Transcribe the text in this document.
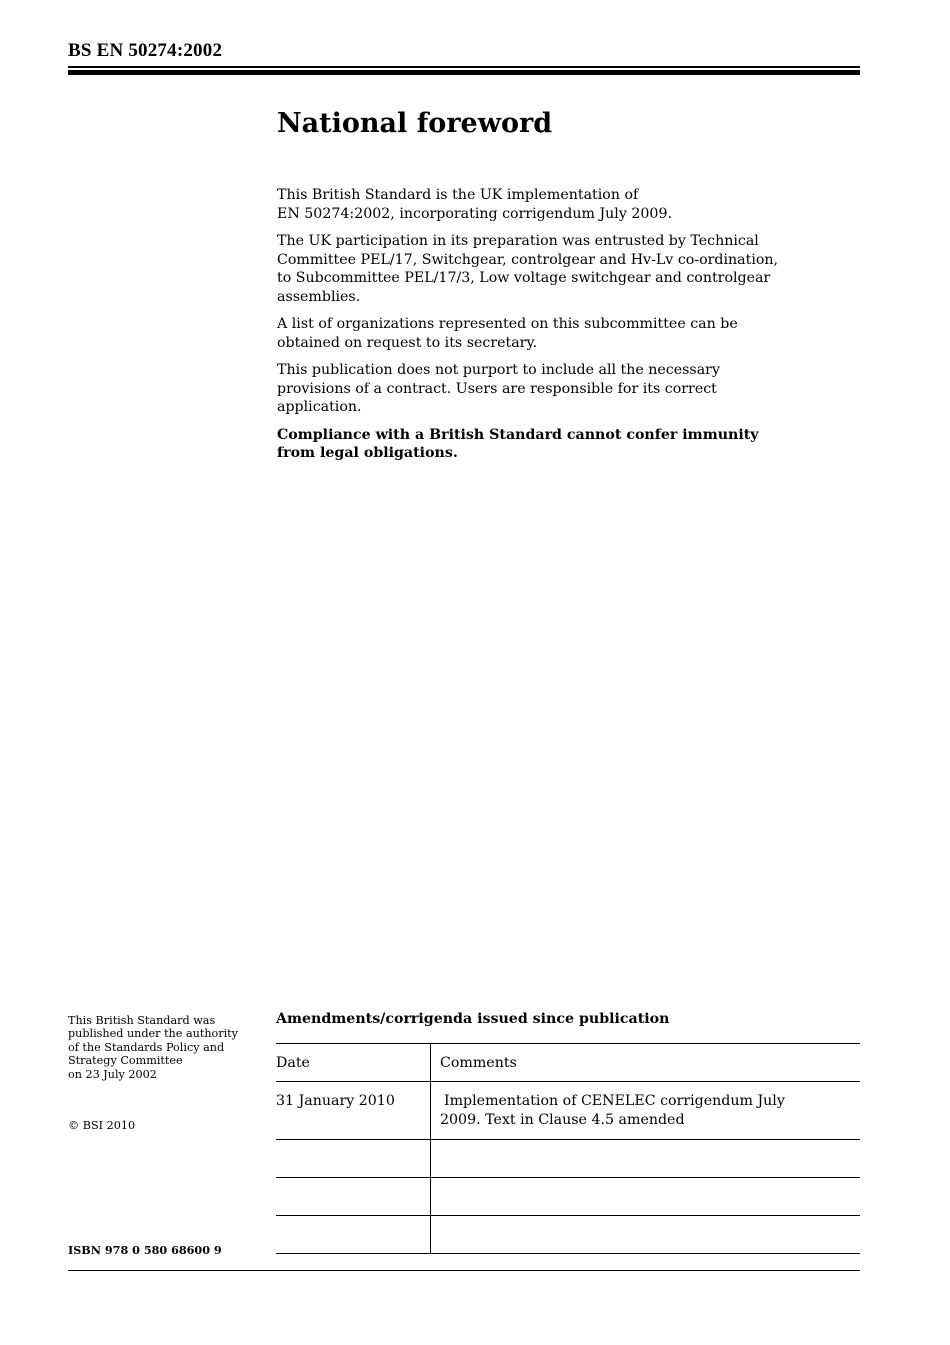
BS EN 50274:2002
National foreword

This British Standard is the UK implementation of
EN 50274:2002, incorporating corrigendum July 2009.

The UK participation in its preparation was entrusted by Technical
Committee PEL/17, Switchgear, controlgear and Hv-Lv co-ordination,
to Subcommittee PEL/17/3, Low voltage switchgear and controlgear
assemblies.

A list of organizations represented on this subcommittee can be
obtained on request to its secretary.

This publication does not purport to include all the necessary
provisions of a contract. Users are responsible for its correct
application.

Compliance with a British Standard cannot confer immunity
from legal obligations.

This British Standard was
published under the authority
of the Standards Policy and
Strategy Committee
on 23 July 2002
© BSI 2010
ISBN 978 0 580 68600 9
Amendments/corrigenda issued since publication
Date	Comments
31 January 2010	Implementation of CENELEC corrigendum July
2009. Text in Clause 4.5 amended
